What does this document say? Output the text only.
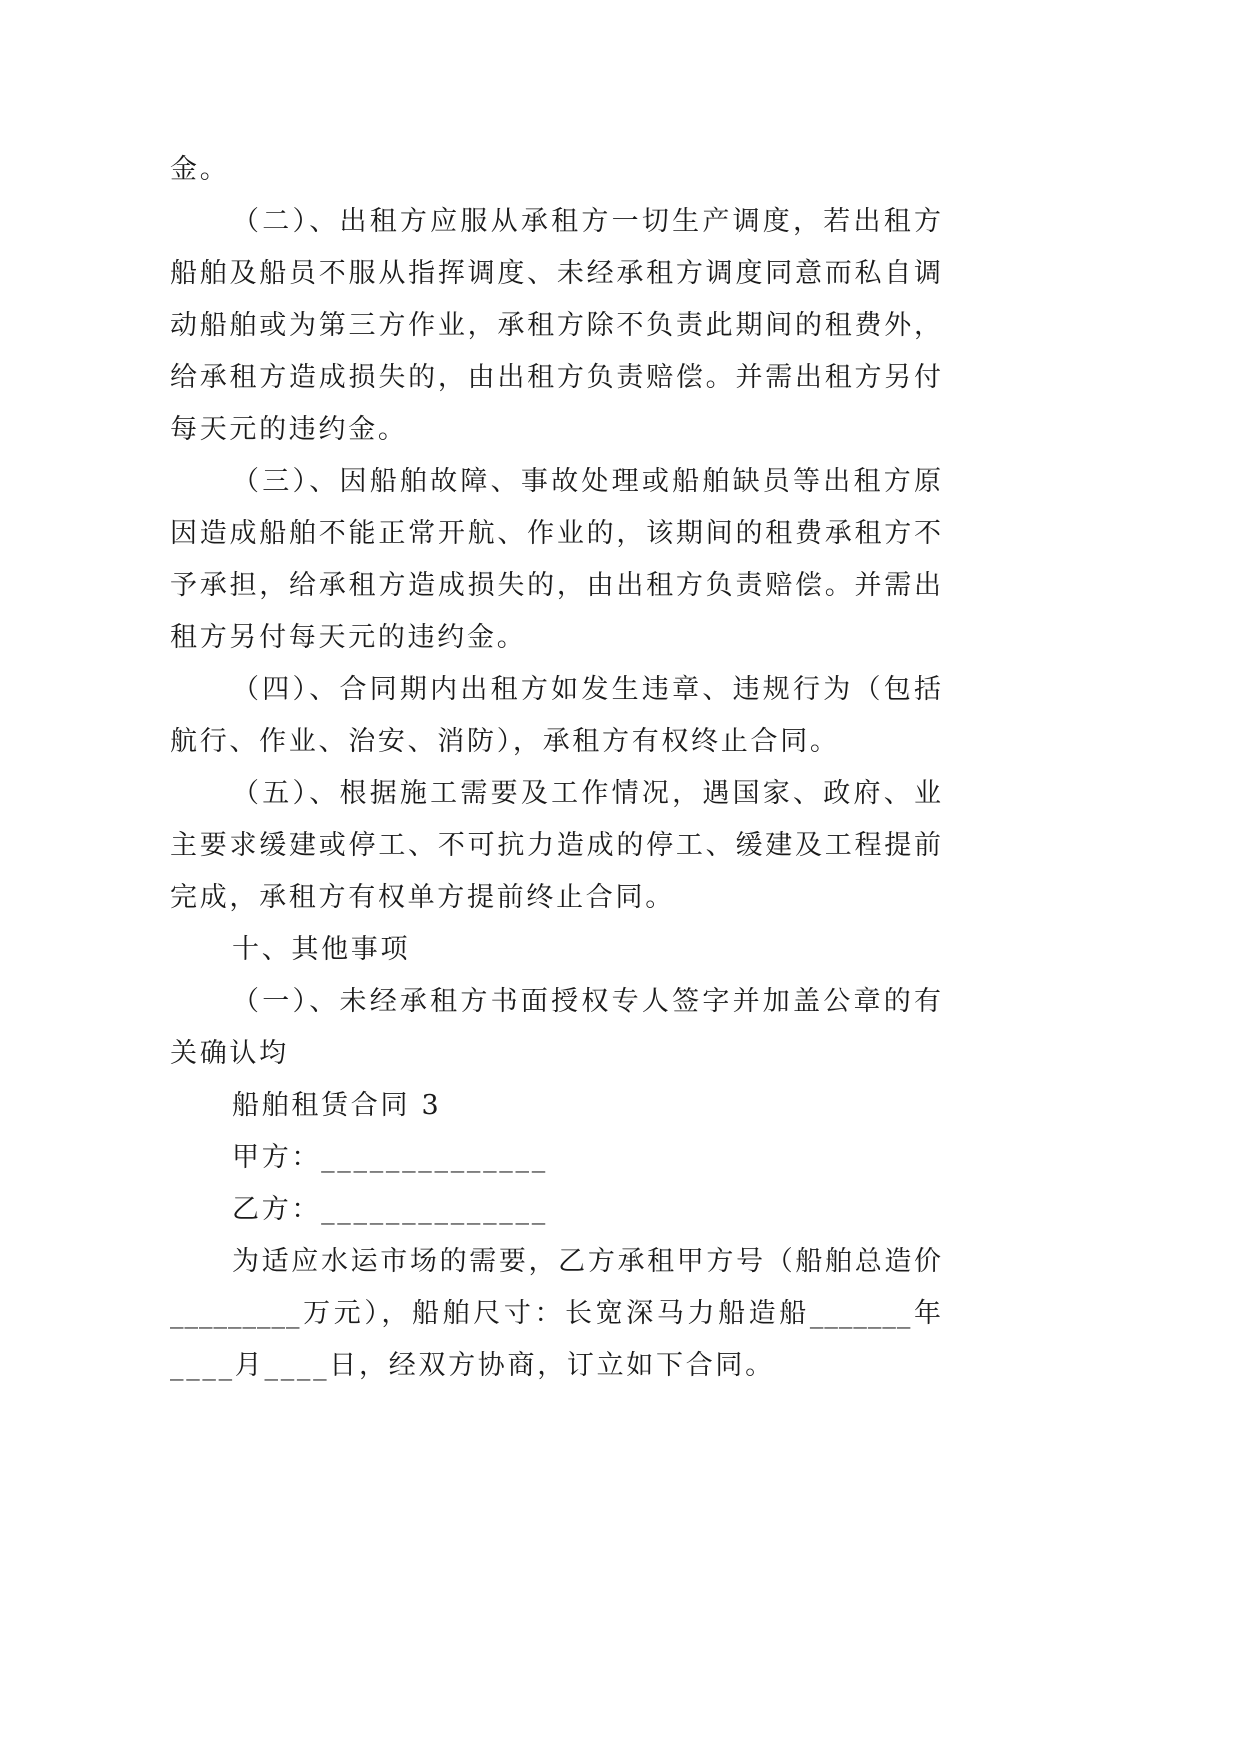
金。
（二）、出租方应服从承租方一切生产调度，若出租方
船舶及船员不服从指挥调度、未经承租方调度同意而私自调
动船舶或为第三方作业，承租方除不负责此期间的租费外，
给承租方造成损失的，由出租方负责赔偿。并需出租方另付
每天元的违约金。
（三）、因船舶故障、事故处理或船舶缺员等出租方原
因造成船舶不能正常开航、作业的，该期间的租费承租方不
予承担，给承租方造成损失的，由出租方负责赔偿。并需出
租方另付每天元的违约金。
（四）、合同期内出租方如发生违章、违规行为（包括
航行、作业、治安、消防），承租方有权终止合同。
（五）、根据施工需要及工作情况，遇国家、政府、业
主要求缓建或停工、不可抗力造成的停工、缓建及工程提前
完成，承租方有权单方提前终止合同。
十、其他事项
（一）、未经承租方书面授权专人签字并加盖公章的有
关确认均
船舶租赁合同 3
甲方：______________
乙方：______________
为适应水运市场的需要，乙方承租甲方号（船舶总造价
_________万元），船舶尺寸：长宽深马力船造船_______年
____月____日，经双方协商，订立如下合同。
